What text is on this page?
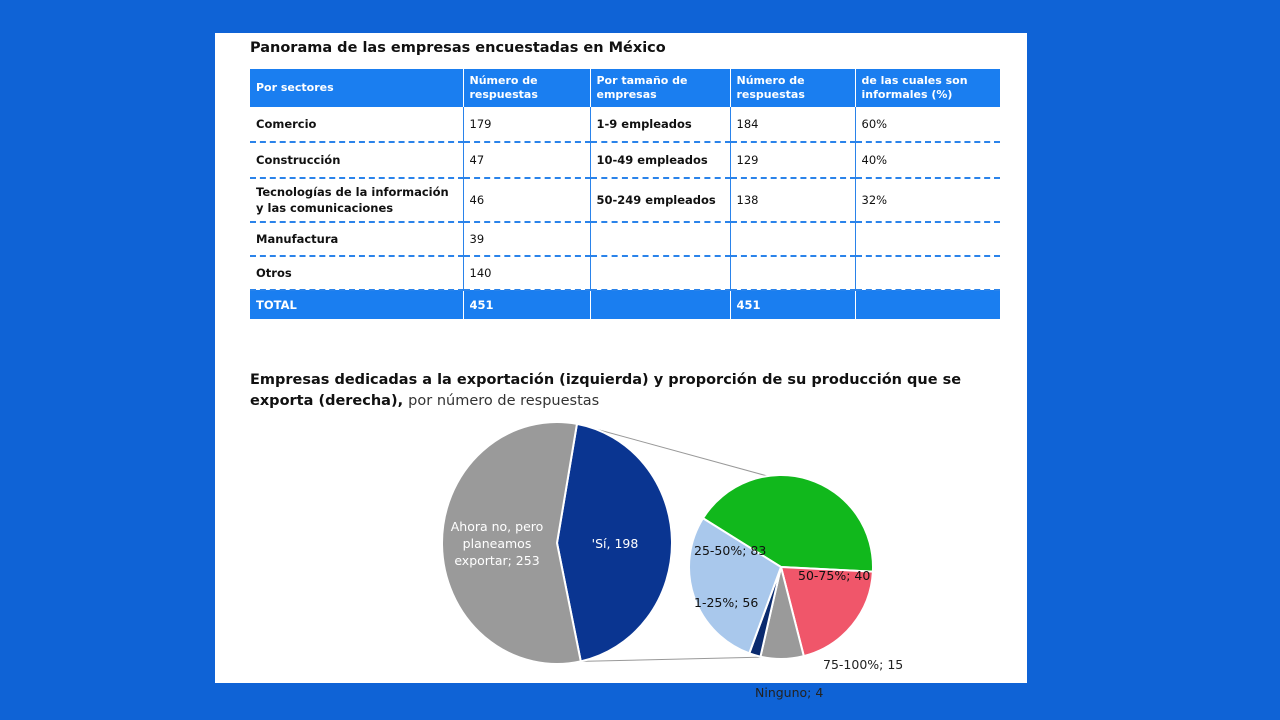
Panorama de las empresas encuestadas en México
Por sectores	Número de respuestas	Por tamaño de empresas	Número de respuestas	de las cuales son informales (%)
Comercio	179	1-9 empleados	184	60%
Construcción	47	10-49 empleados	129	40%
Tecnologías de la información y las comunicaciones	46	50-249 empleados	138	32%
Manufactura	39			
Otros	140			
TOTAL	451		451	
Empresas dedicadas a la exportación (izquierda) y proporción de su producción que se exporta (derecha), por número de respuestas
'Sí, 198
Ahora no, pero planeamos exportar; 253
25-50%; 83
50-75%; 40
75-100%; 15
Ninguno; 4
1-25%; 56
